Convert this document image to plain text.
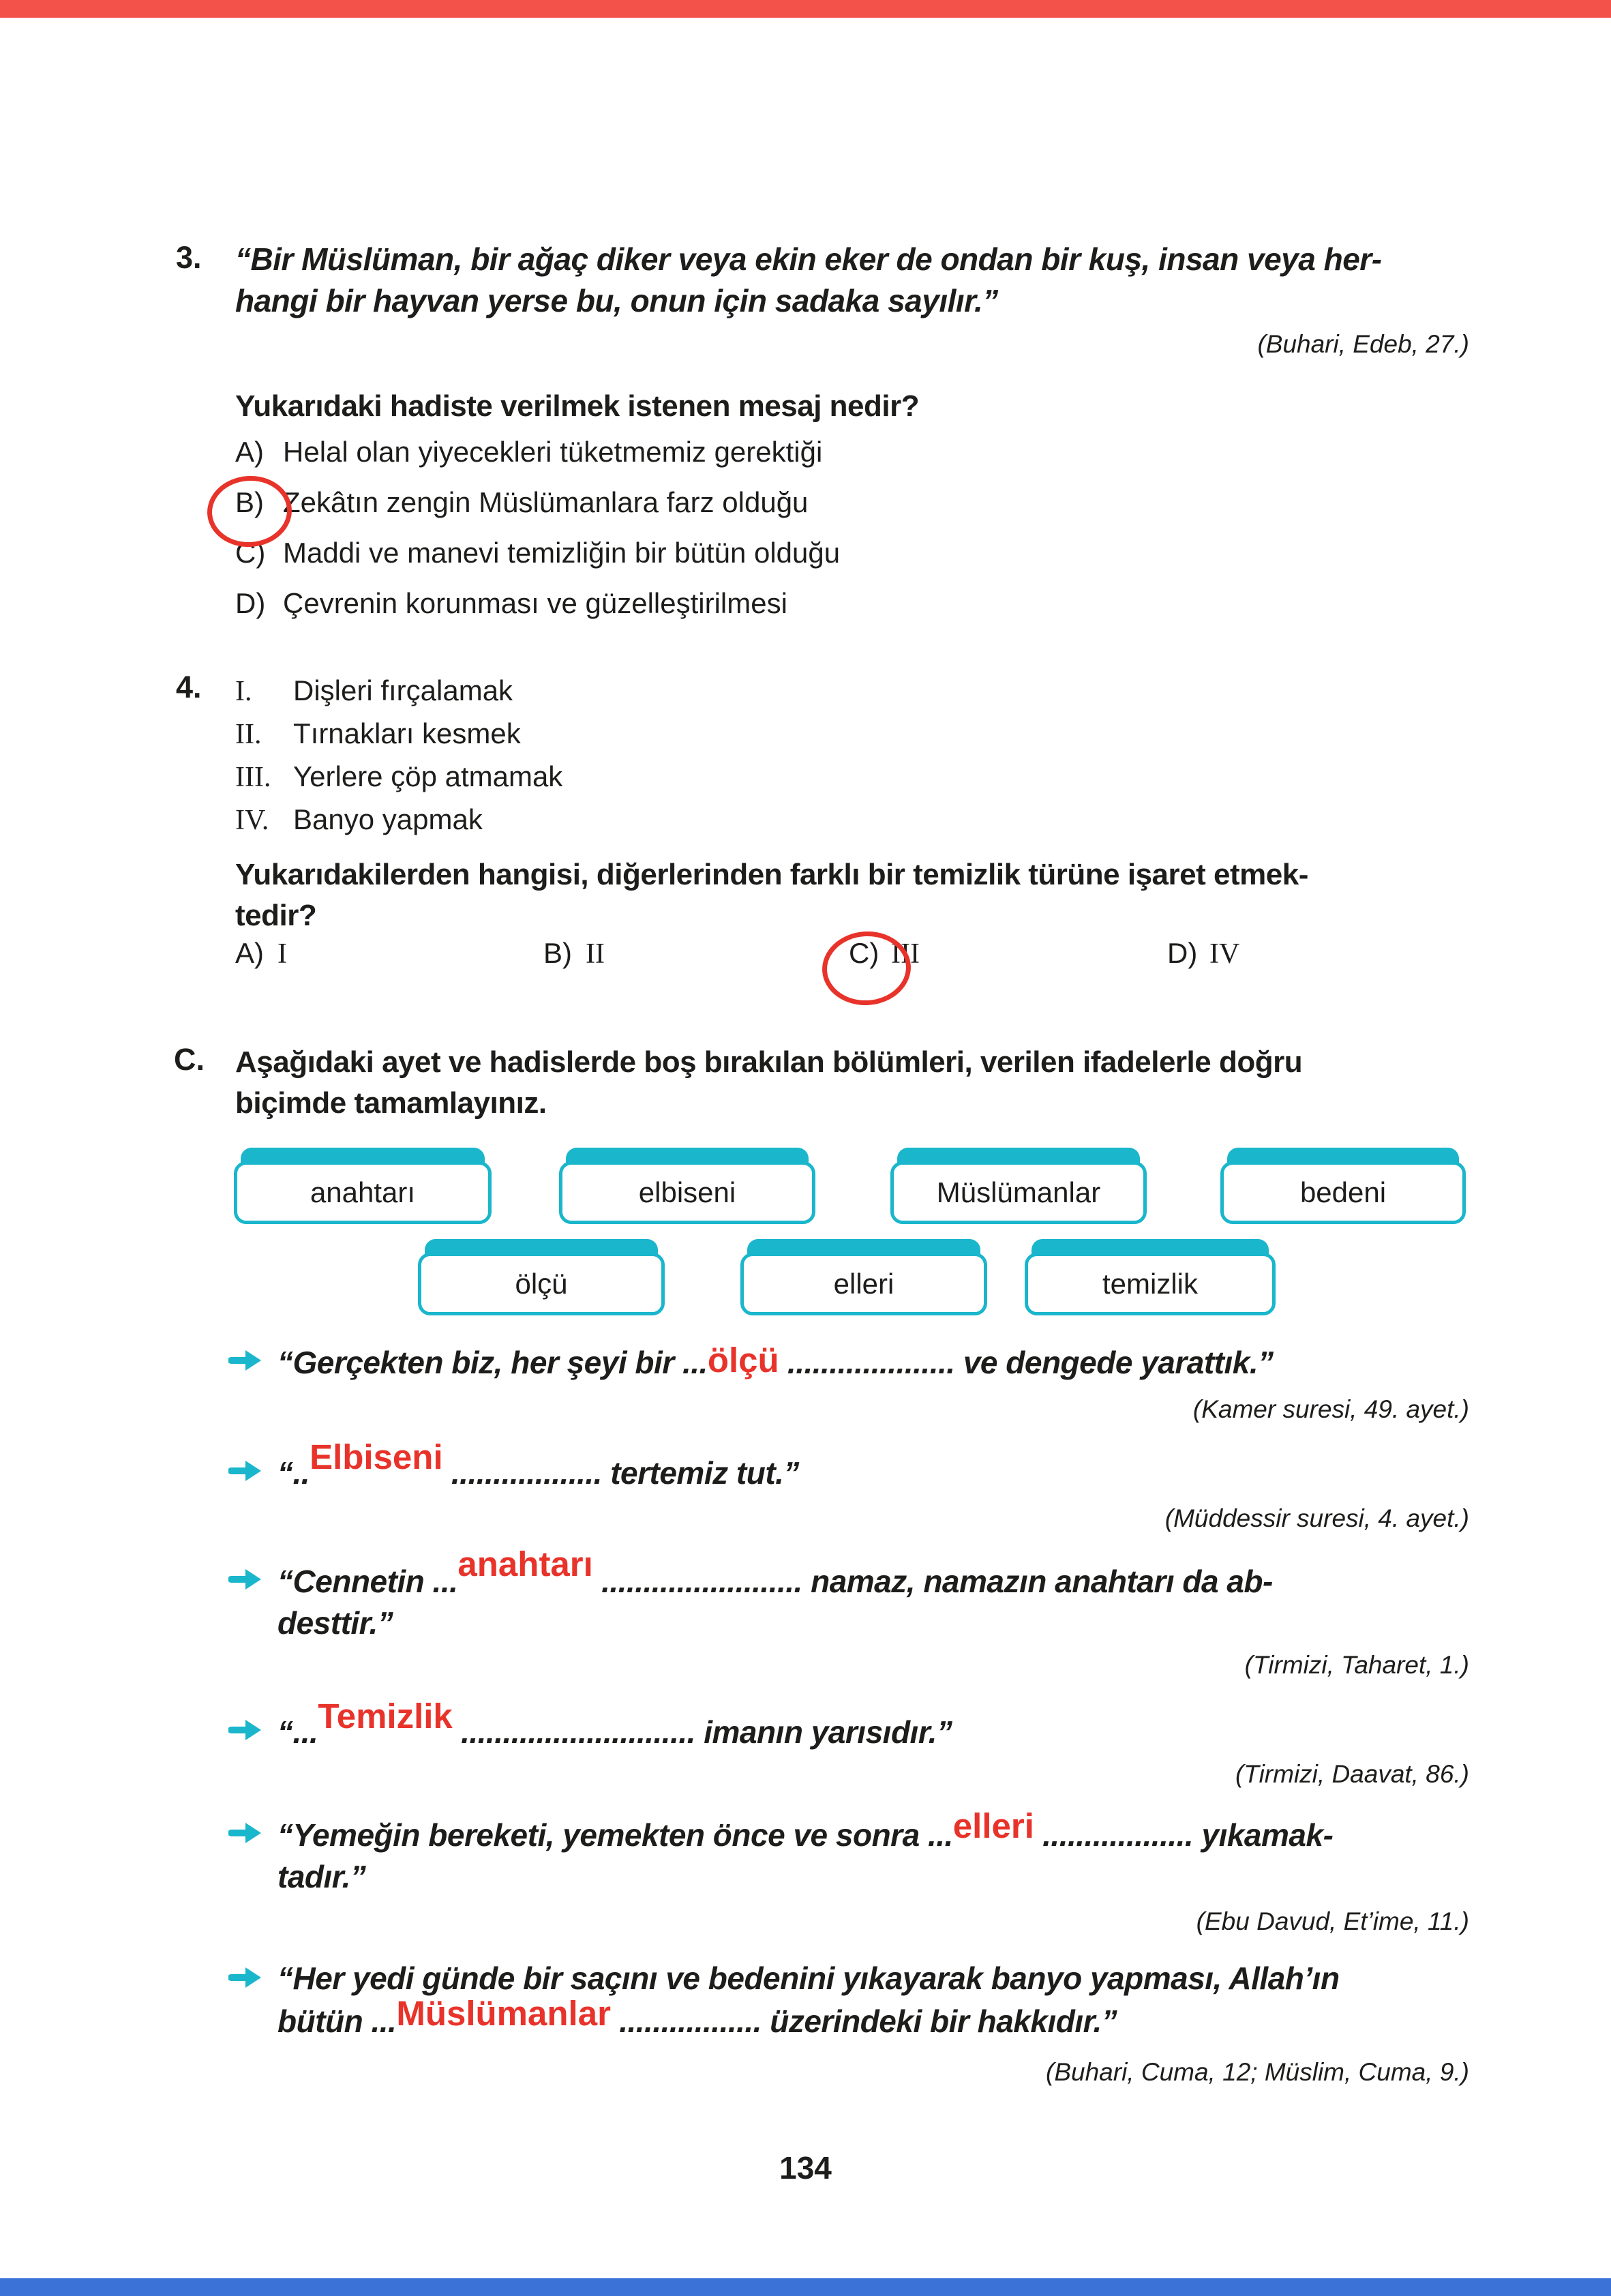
3. “Bir Müslüman, bir ağaç diker veya ekin eker de ondan bir kuş, insan veya her-
hangi bir hayvan yerse bu, onun için sadaka sayılır.”
(Buhari, Edeb, 27.)
Yukarıdaki hadiste verilmek istenen mesaj nedir?
A) Helal olan yiyecekleri tüketmemiz gerektiği
B) Zekâtın zengin Müslümanlara farz olduğu
C) Maddi ve manevi temizliğin bir bütün olduğu
D) Çevrenin korunması ve güzelleştirilmesi
4. I. Dişleri fırçalamak
II. Tırnakları kesmek
III. Yerlere çöp atmamak
IV. Banyo yapmak
Yukarıdakilerden hangisi, diğerlerinden farklı bir temizlik türüne işaret etmek-
tedir?
A) I	B) II	C) III	D) IV
C. Aşağıdaki ayet ve hadislerde boş bırakılan bölümleri, verilen ifadelerle doğru
biçimde tamamlayınız.
anahtarı	elbiseni	Müslümanlar	bedeni
ölçü	elleri	temizlik
“Gerçekten biz, her şeyi bir ...ölçü .................... ve dengede yarattık.”
(Kamer suresi, 49. ayet.)
“..Elbiseni .................. tertemiz tut.”
(Müddessir suresi, 4. ayet.)
“Cennetin ...anahtarı ........................ namaz, namazın anahtarı da ab-
desttir.”
(Tirmizi, Taharet, 1.)
“...Temizlik ............................ imanın yarısıdır.”
(Tirmizi, Daavat, 86.)
“Yemeğin bereketi, yemekten önce ve sonra ...elleri .................. yıkamak-
tadır.”
(Ebu Davud, Et’ime, 11.)
“Her yedi günde bir saçını ve bedenini yıkayarak banyo yapması, Allah’ın
bütün ...Müslümanlar ................. üzerindeki bir hakkıdır.”
(Buhari, Cuma, 12; Müslim, Cuma, 9.)
134
